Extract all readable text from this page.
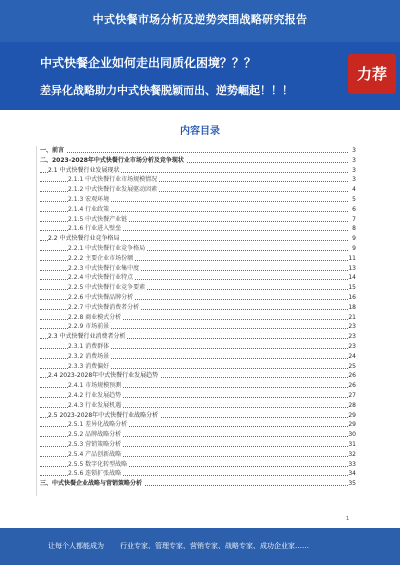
中式快餐市场分析及逆势突围战略研究报告
中式快餐企业如何走出同质化困境？？？
差异化战略助力中式快餐脱颖而出、逆势崛起！！！
力荐
内容目录
一、前言	3
二、2023-2028年中式快餐行业市场分析及竞争现状	3
2.1 中式快餐行业发展现状	3
2.1.1 中式快餐行业市场规模情况	3
2.1.2 中式快餐行业发展驱动因素	4
2.1.3 宏观环境	5
2.1.4 行业政策	6
2.1.5 中式快餐产业链	7
2.1.6 行业进入壁垒	8
2.2 中式快餐行业竞争格局	9
2.2.1 中式快餐行业竞争格局	9
2.2.2 主要企业市场份额	11
2.2.3 中式快餐行业集中度	13
2.2.4 中式快餐行业特点	14
2.2.5 中式快餐行业竞争要素	15
2.2.6 中式快餐品牌分析	16
2.2.7 中式快餐消费者分析	18
2.2.8 商业模式分析	21
2.2.9 市场前景	23
2.3 中式快餐行业消费者分析	23
2.3.1 消费群体	23
2.3.2 消费场景	24
2.3.3 消费偏好	25
2.4 2023-2028年中式快餐行业发展趋势	26
2.4.1 市场规模预测	26
2.4.2 行业发展趋势	27
2.4.3 行业发展机遇	28
2.5 2023-2028年中式快餐行业战略分析	29
2.5.1 差异化战略分析	29
2.5.2 品牌战略分析	30
2.5.3 营销策略分析	31
2.5.4 产品创新战略	32
2.5.5 数字化转型战略	33
2.5.6 连锁扩张战略	34
三、中式快餐企业战略与营销策略分析	35
1
让每个人都能成为 行业专家、管理专家、营销专家、战略专家、成功企业家……
